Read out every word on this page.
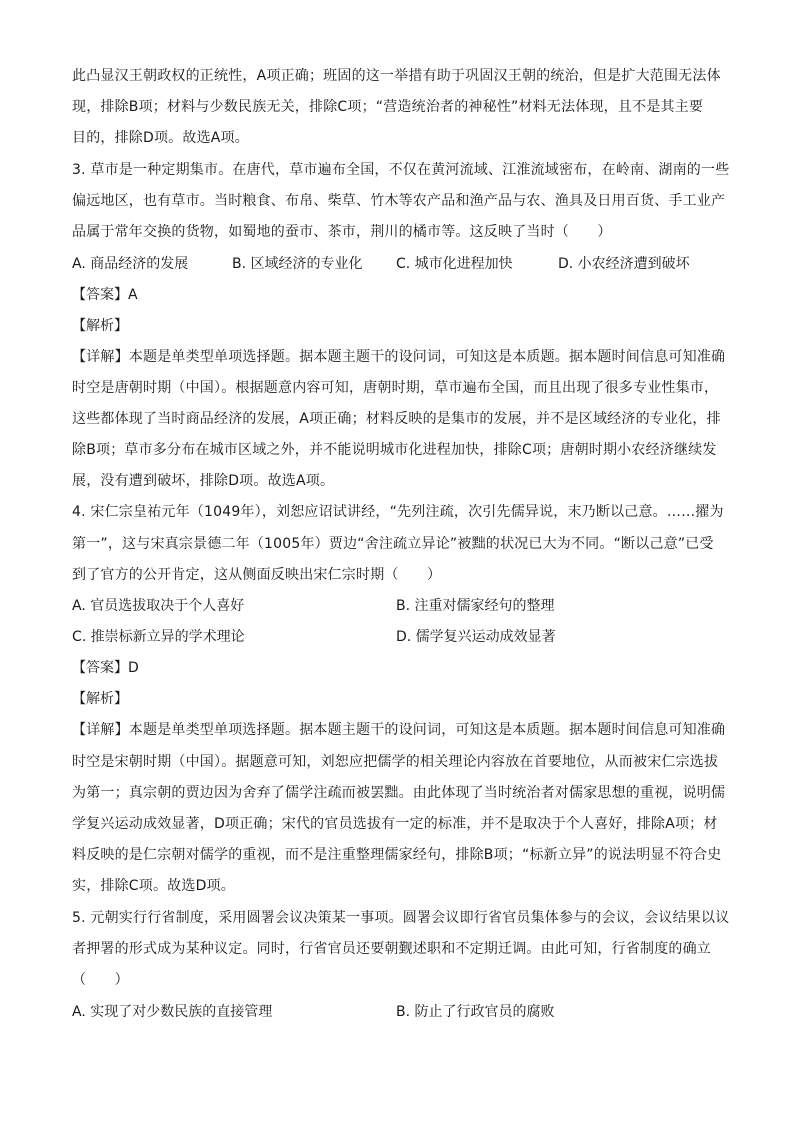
此凸显汉王朝政权的正统性，A项正确；班固的这一举措有助于巩固汉王朝的统治，但是扩大范围无法体
现，排除B项；材料与少数民族无关，排除C项；“营造统治者的神秘性”材料无法体现，且不是其主要
目的，排除D项。故选A项。
3. 草市是一种定期集市。在唐代，草市遍布全国，不仅在黄河流域、江淮流域密布，在岭南、湖南的一些
偏远地区，也有草市。当时粮食、布帛、柴草、竹木等农产品和渔产品与农、渔具及日用百货、手工业产
品属于常年交换的货物，如蜀地的蚕市、茶市，荆川的橘市等。这反映了当时（　　）
A. 商品经济的发展	B. 区域经济的专业化 C. 城市化进程加快	D. 小农经济遭到破坏
【答案】A
【解析】
【详解】本题是单类型单项选择题。据本题主题干的设问词，可知这是本质题。据本题时间信息可知准确
时空是唐朝时期（中国）。根据题意内容可知，唐朝时期，草市遍布全国，而且出现了很多专业性集市，
这些都体现了当时商品经济的发展，A项正确；材料反映的是集市的发展，并不是区域经济的专业化，排
除B项；草市多分布在城市区域之外，并不能说明城市化进程加快，排除C项；唐朝时期小农经济继续发
展，没有遭到破坏，排除D项。故选A项。
4. 宋仁宗皇祐元年（1049年），刘恕应诏试讲经，“先列注疏，次引先儒异说，末乃断以己意。……擢为
第一”，这与宋真宗景德二年（1005年）贾边“舍注疏立异论”被黜的状况已大为不同。“断以己意”已受
到了官方的公开肯定，这从侧面反映出宋仁宗时期（　　）
A. 官员选拔取决于个人喜好	B. 注重对儒家经句的整理
C. 推崇标新立异的学术理论	D. 儒学复兴运动成效显著
【答案】D
【解析】
【详解】本题是单类型单项选择题。据本题主题干的设问词，可知这是本质题。据本题时间信息可知准确
时空是宋朝时期（中国）。据题意可知，刘恕应把儒学的相关理论内容放在首要地位，从而被宋仁宗选拔
为第一；真宗朝的贾边因为舍弃了儒学注疏而被罢黜。由此体现了当时统治者对儒家思想的重视，说明儒
学复兴运动成效显著，D项正确；宋代的官员选拔有一定的标准，并不是取决于个人喜好，排除A项；材
料反映的是仁宗朝对儒学的重视，而不是注重整理儒家经句，排除B项；“标新立异”的说法明显不符合史
实，排除C项。故选D项。
5. 元朝实行行省制度，采用圆署会议决策某一事项。圆署会议即行省官员集体参与的会议，会议结果以议
者押署的形式成为某种议定。同时，行省官员还要朝觐述职和不定期迁调。由此可知，行省制度的确立
（　　）
A. 实现了对少数民族的直接管理	B. 防止了行政官员的腐败
